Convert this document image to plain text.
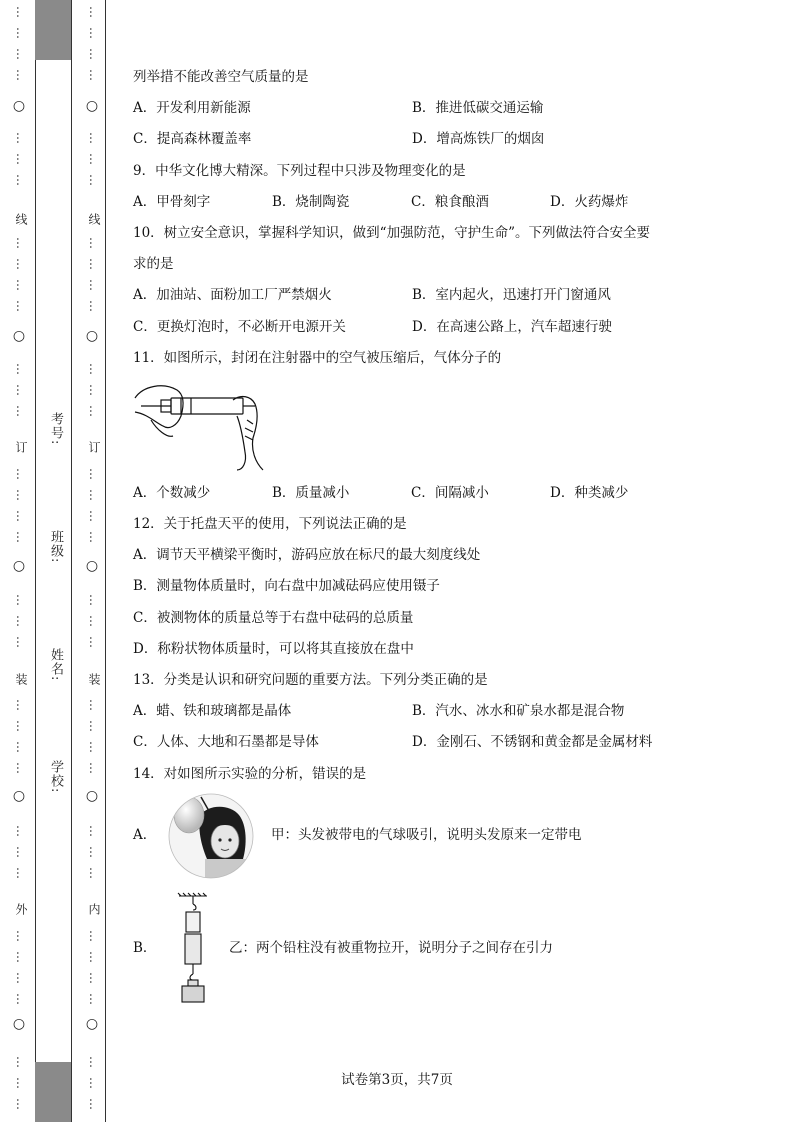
…
…
…
…
…
…
…
…
…
…
…
…
…
…
…
…
…
…
…
…
…
…
…
…
…
…
…
…
…
…
…
…
…
…
…
○
○
○
○
○
线
订
装
外
…
…
…
…
…
…
…
…
…
…
…
…
…
…
…
…
…
…
…
…
…
…
…
…
…
…
…
…
…
…
…
…
…
…
…
○
○
○
○
○
线
订
装
内
考号:
班级:
姓名:
学校:
列举措不能改善空气质量的是
A．开发利用新能源	B．推进低碳交通运输
C．提高森林覆盖率	D．增高炼铁厂的烟囱
9．中华文化博大精深。下列过程中只涉及物理变化的是
A．甲骨刻字	B．烧制陶瓷	C．粮食酿酒	D．火药爆炸
10．树立安全意识，掌握科学知识，做到“加强防范，守护生命”。下列做法符合安全要
求的是
A．加油站、面粉加工厂严禁烟火	B．室内起火，迅速打开门窗通风
C．更换灯泡时，不必断开电源开关	D．在高速公路上，汽车超速行驶
11．如图所示，封闭在注射器中的空气被压缩后，气体分子的
A．个数减少	B．质量减小	C．间隔减小	D．种类减少
12．关于托盘天平的使用，下列说法正确的是
A．调节天平横梁平衡时，游码应放在标尺的最大刻度线处
B．测量物体质量时，向右盘中加减砝码应使用镊子
C．被测物体的质量总等于右盘中砝码的总质量
D．称粉状物体质量时，可以将其直接放在盘中
13．分类是认识和研究问题的重要方法。下列分类正确的是
A．蜡、铁和玻璃都是晶体	B．汽水、冰水和矿泉水都是混合物
C．人体、大地和石墨都是导体	D．金刚石、不锈钢和黄金都是金属材料
14．对如图所示实验的分析，错误的是
A．	甲：头发被带电的气球吸引，说明头发原来一定带电
B．	乙：两个铅柱没有被重物拉开，说明分子之间存在引力
试卷第3页，共7页
